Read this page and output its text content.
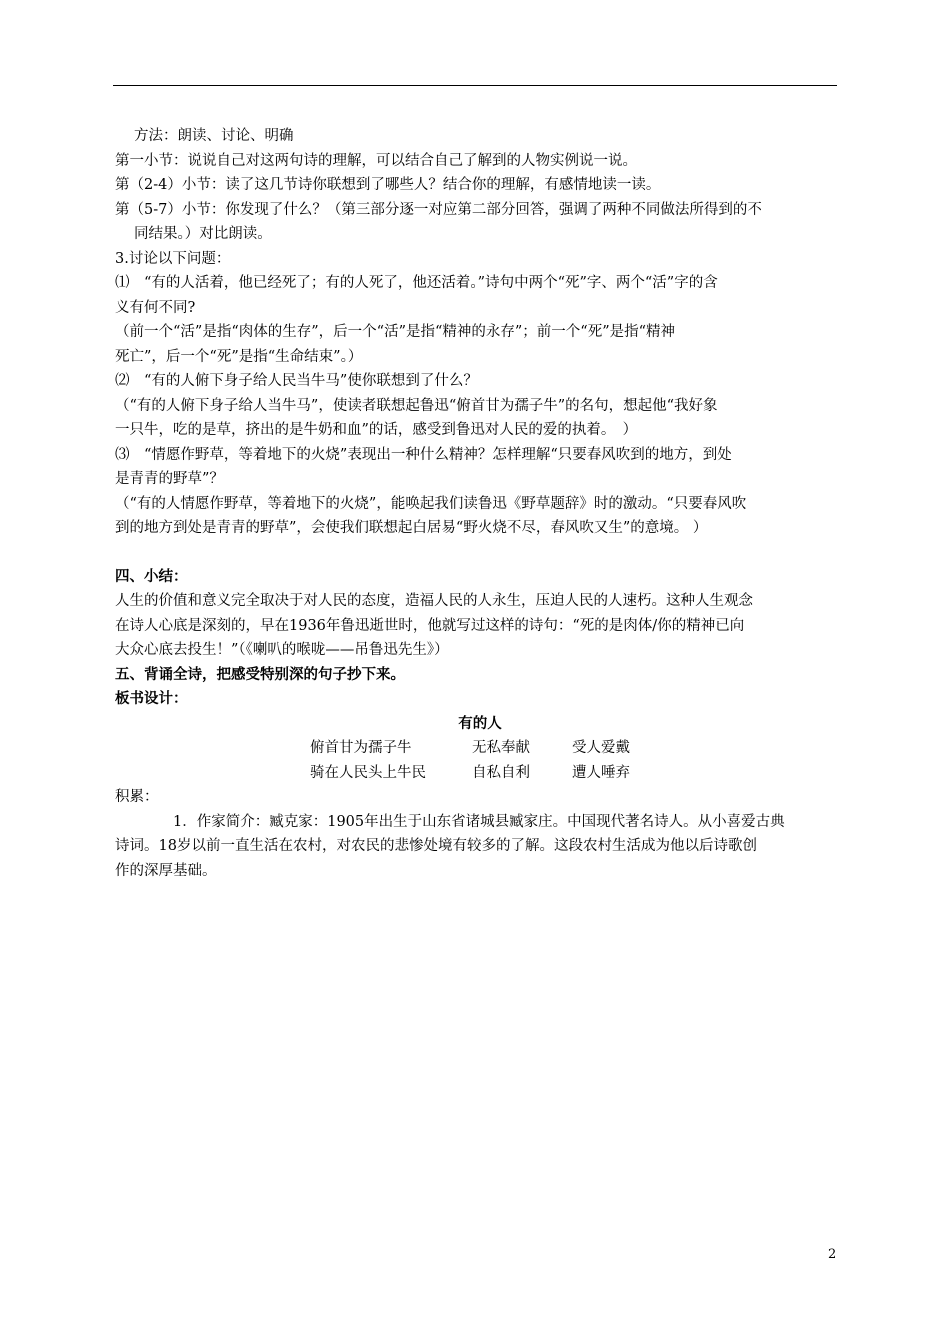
方法：朗读、讨论、明确
第一小节：说说自己对这两句诗的理解，可以结合自己了解到的人物实例说一说。
第（2-4）小节：读了这几节诗你联想到了哪些人？结合你的理解，有感情地读一读。
第（5-7）小节：你发现了什么？（第三部分逐一对应第二部分回答，强调了两种不同做法所得到的不
同结果。）对比朗读。
3.讨论以下问题：
⑴　“有的人活着，他已经死了；有的人死了，他还活着。”诗句中两个“死”字、两个“活”字的含
义有何不同?
（前一个“活”是指“肉体的生存”，后一个“活”是指“精神的永存”；前一个“死”是指“精神
死亡”，后一个“死”是指“生命结束”。）
⑵　“有的人俯下身子给人民当牛马”使你联想到了什么？
（“有的人俯下身子给人当牛马”，使读者联想起鲁迅“俯首甘为孺子牛”的名句，想起他“我好象
一只牛，吃的是草，挤出的是牛奶和血”的话，感受到鲁迅对人民的爱的执着。　）
⑶　“情愿作野草，等着地下的火烧”表现出一种什么精神？怎样理解“只要春风吹到的地方，到处
是青青的野草”？
（“有的人情愿作野草，等着地下的火烧”，能唤起我们读鲁迅《野草题辞》时的激动。“只要春风吹
到的地方到处是青青的野草”，会使我们联想起白居易“野火烧不尽，春风吹又生”的意境。 ）
四、小结：
人生的价值和意义完全取决于对人民的态度，造福人民的人永生，压迫人民的人速朽。这种人生观念
在诗人心底是深刻的，早在1936年鲁迅逝世时，他就写过这样的诗句：“死的是肉体/你的精神已向
大众心底去投生！”（《喇叭的喉咙——吊鲁迅先生》）
五、背诵全诗，把感受特别深的句子抄下来。
板书设计：
有的人
俯首甘为孺子牛	无私奉献	受人爱戴
骑在人民头上牛民	自私自利	遭人唾弃
积累：
1．作家简介：臧克家：1905年出生于山东省诸城县臧家庄。中国现代著名诗人。从小喜爱古典
诗词。18岁以前一直生活在农村，对农民的悲惨处境有较多的了解。这段农村生活成为他以后诗歌创
作的深厚基础。
2
